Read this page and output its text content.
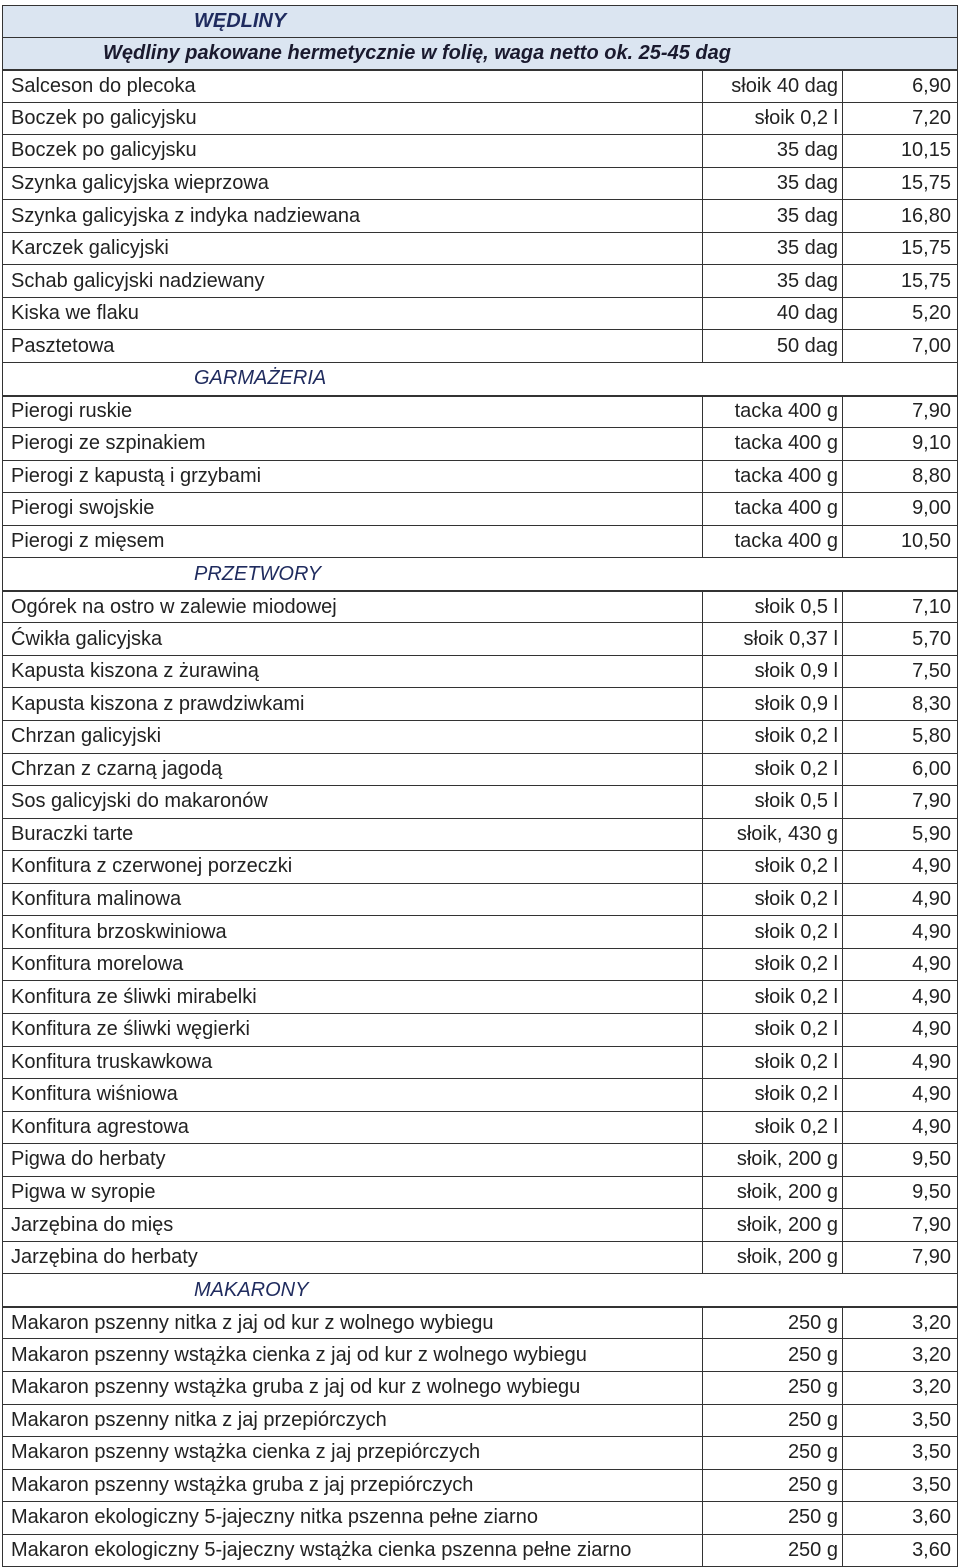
WĘDLINY
Wędliny pakowane hermetycznie w folię, waga netto ok. 25-45 dag
Salceson do plecoka	słoik 40 dag	6,90
Boczek po galicyjsku	słoik 0,2 l	7,20
Boczek po galicyjsku	35 dag	10,15
Szynka galicyjska wieprzowa	35 dag	15,75
Szynka galicyjska z indyka nadziewana	35 dag	16,80
Karczek galicyjski	35 dag	15,75
Schab galicyjski nadziewany	35 dag	15,75
Kiska we flaku	40 dag	5,20
Pasztetowa	50 dag	7,00
GARMAŻERIA
Pierogi ruskie	tacka 400 g	7,90
Pierogi ze szpinakiem	tacka 400 g	9,10
Pierogi z kapustą i grzybami	tacka 400 g	8,80
Pierogi swojskie	tacka 400 g	9,00
Pierogi z mięsem	tacka 400 g	10,50
PRZETWORY
Ogórek na ostro w zalewie miodowej	słoik 0,5 l	7,10
Ćwikła galicyjska	słoik 0,37 l	5,70
Kapusta kiszona z żurawiną	słoik 0,9 l	7,50
Kapusta kiszona z prawdziwkami	słoik 0,9 l	8,30
Chrzan galicyjski	słoik 0,2 l	5,80
Chrzan z czarną jagodą	słoik 0,2 l	6,00
Sos galicyjski do makaronów	słoik 0,5 l	7,90
Buraczki tarte	słoik, 430 g	5,90
Konfitura z czerwonej porzeczki	słoik 0,2 l	4,90
Konfitura malinowa	słoik 0,2 l	4,90
Konfitura brzoskwiniowa	słoik 0,2 l	4,90
Konfitura morelowa	słoik 0,2 l	4,90
Konfitura ze śliwki mirabelki	słoik 0,2 l	4,90
Konfitura ze śliwki węgierki	słoik 0,2 l	4,90
Konfitura truskawkowa	słoik 0,2 l	4,90
Konfitura wiśniowa	słoik 0,2 l	4,90
Konfitura agrestowa	słoik 0,2 l	4,90
Pigwa do herbaty	słoik, 200 g	9,50
Pigwa w syropie	słoik, 200 g	9,50
Jarzębina do mięs	słoik, 200 g	7,90
Jarzębina do herbaty	słoik, 200 g	7,90
MAKARONY
Makaron pszenny nitka z jaj od kur z wolnego wybiegu	250 g	3,20
Makaron pszenny wstążka cienka z jaj od kur z wolnego wybiegu	250 g	3,20
Makaron pszenny wstążka gruba z jaj od kur z wolnego wybiegu	250 g	3,20
Makaron pszenny nitka z jaj przepiórczych	250 g	3,50
Makaron pszenny wstążka cienka z jaj przepiórczych	250 g	3,50
Makaron pszenny wstążka gruba z jaj przepiórczych	250 g	3,50
Makaron ekologiczny 5-jajeczny nitka pszenna pełne ziarno	250 g	3,60
Makaron ekologiczny 5-jajeczny wstążka cienka pszenna pełne ziarno	250 g	3,60
